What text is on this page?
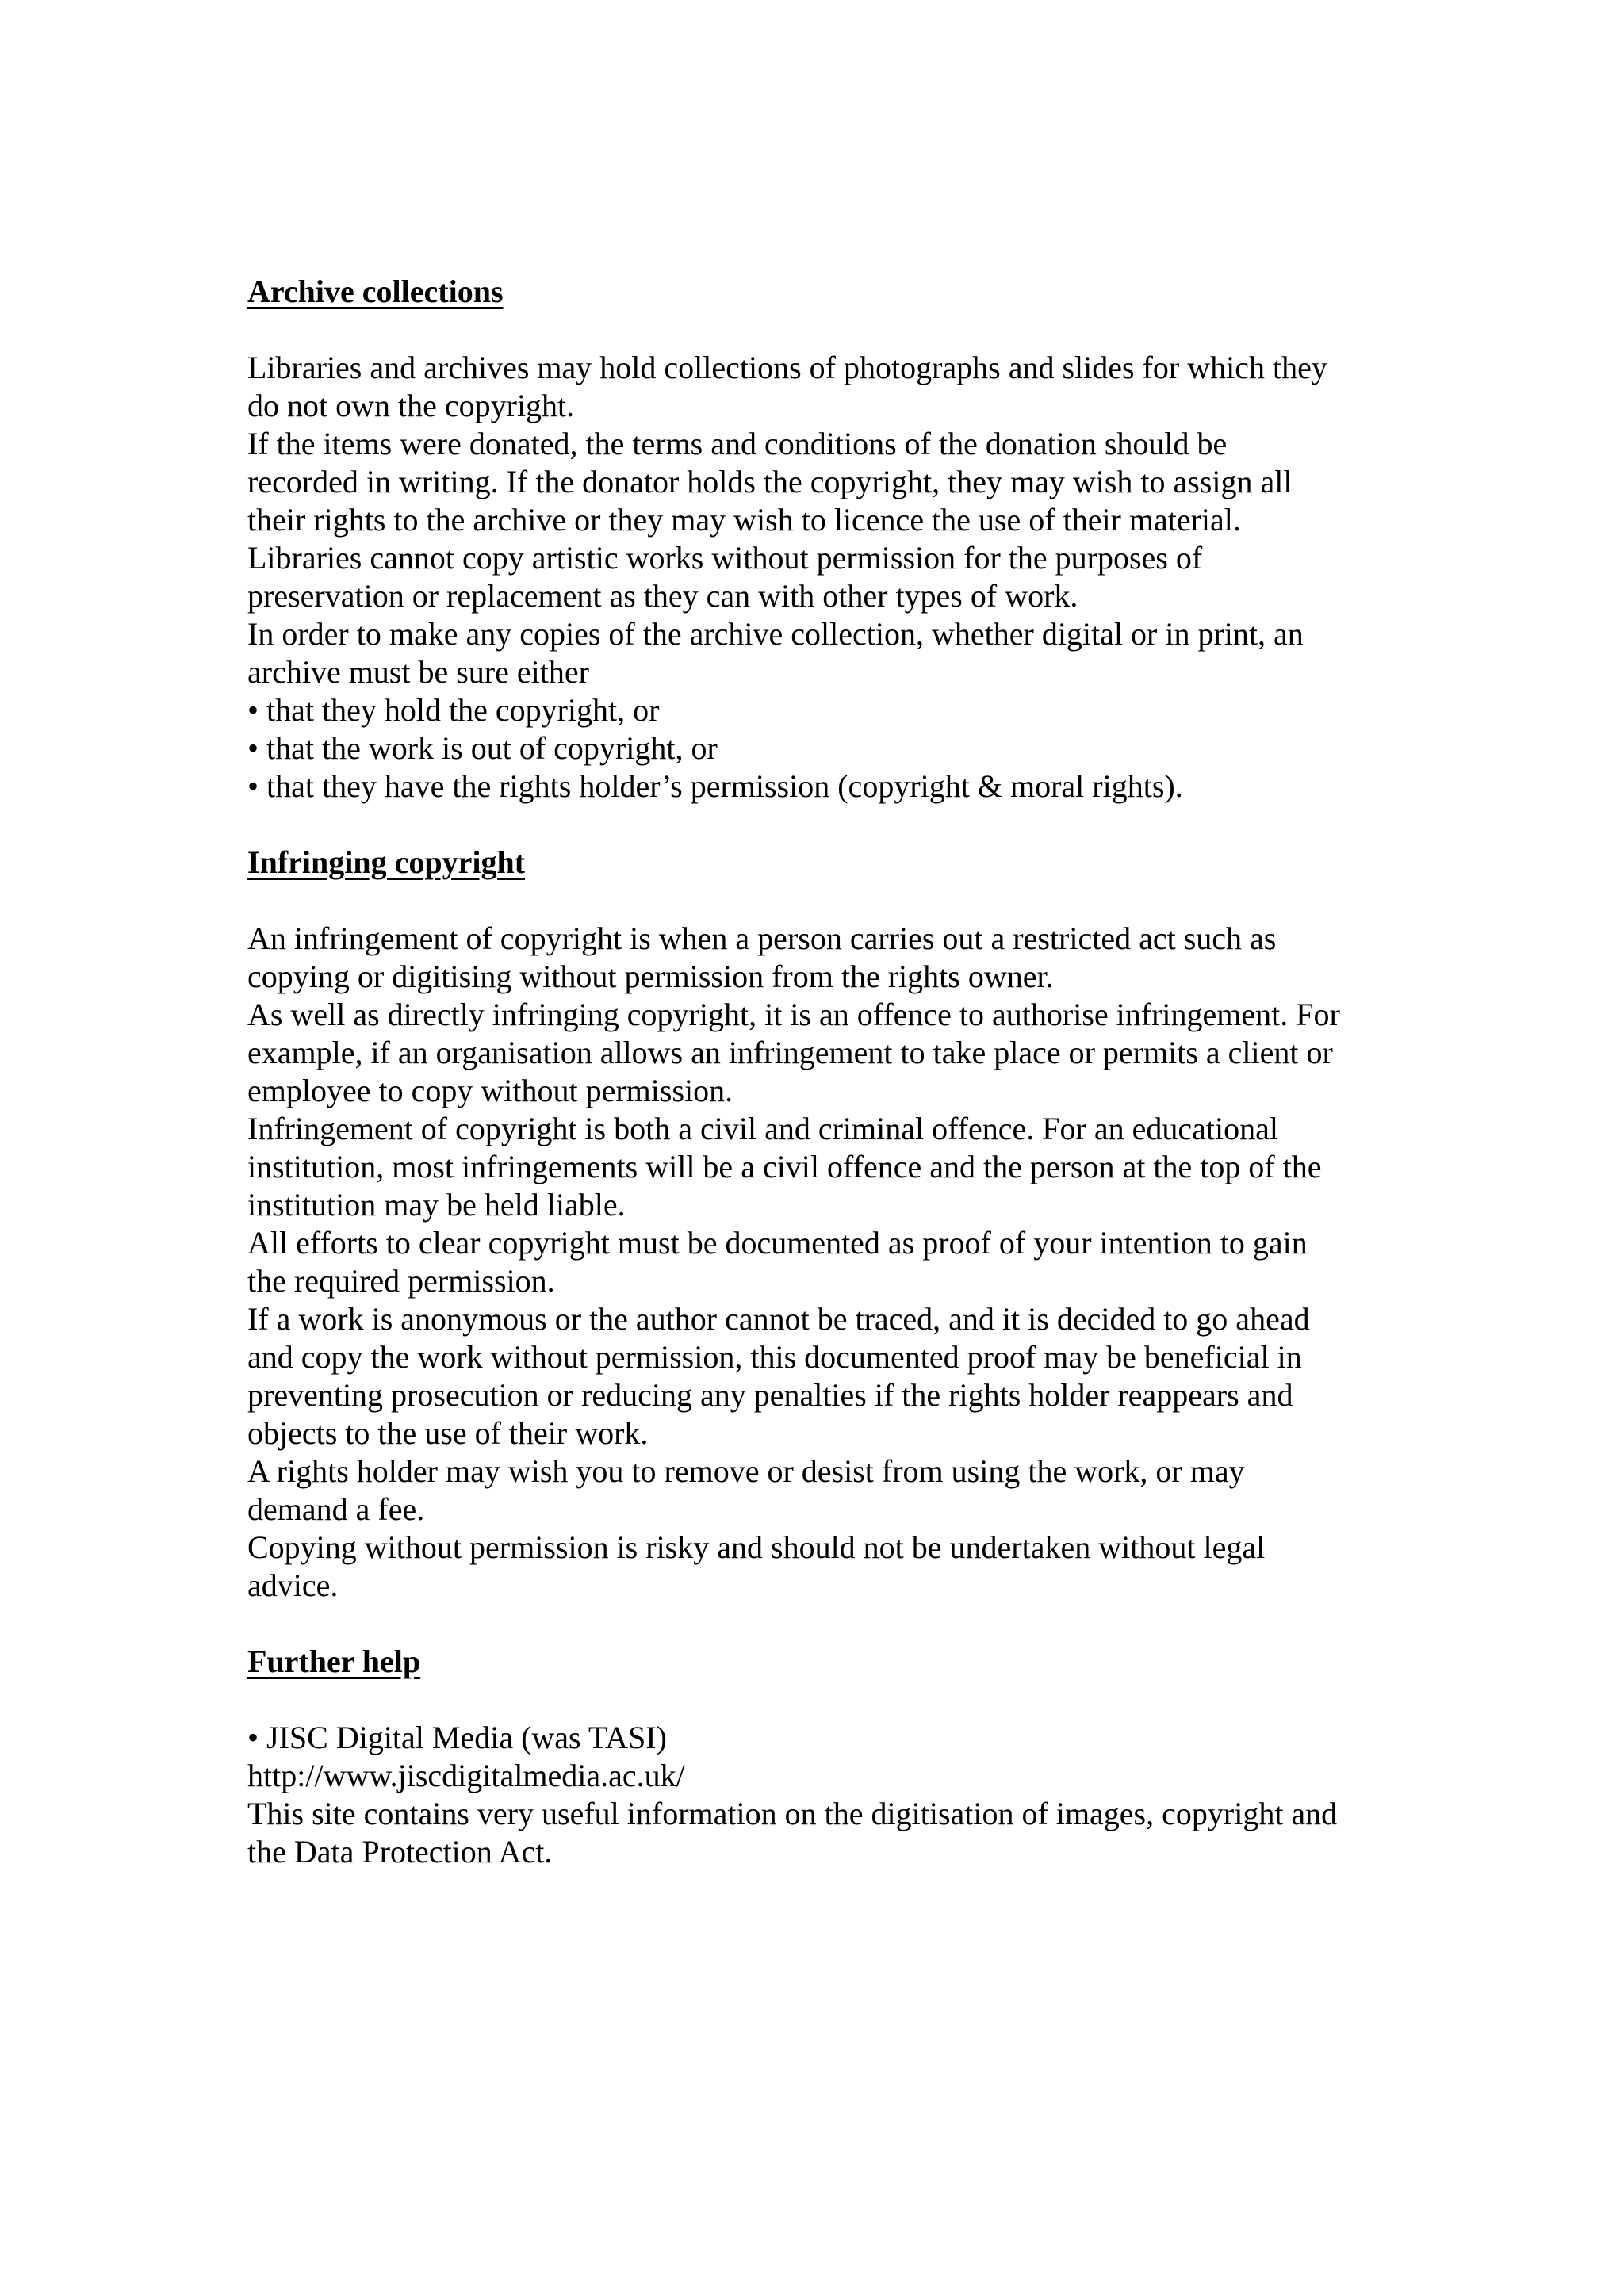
Archive collections

Libraries and archives may hold collections of photographs and slides for which they

do not own the copyright.

If the items were donated, the terms and conditions of the donation should be

recorded in writing. If the donator holds the copyright, they may wish to assign all

their rights to the archive or they may wish to licence the use of their material.

Libraries cannot copy artistic works without permission for the purposes of

preservation or replacement as they can with other types of work.

In order to make any copies of the archive collection, whether digital or in print, an

archive must be sure either

• that they hold the copyright, or

• that the work is out of copyright, or

• that they have the rights holder’s permission (copyright & moral rights).

Infringing copyright

An infringement of copyright is when a person carries out a restricted act such as

copying or digitising without permission from the rights owner.

As well as directly infringing copyright, it is an offence to authorise infringement. For

example, if an organisation allows an infringement to take place or permits a client or

employee to copy without permission.

Infringement of copyright is both a civil and criminal offence. For an educational

institution, most infringements will be a civil offence and the person at the top of the

institution may be held liable.

All efforts to clear copyright must be documented as proof of your intention to gain

the required permission.

If a work is anonymous or the author cannot be traced, and it is decided to go ahead

and copy the work without permission, this documented proof may be beneficial in

preventing prosecution or reducing any penalties if the rights holder reappears and

objects to the use of their work.

A rights holder may wish you to remove or desist from using the work, or may

demand a fee.

Copying without permission is risky and should not be undertaken without legal

advice.

Further help

• JISC Digital Media (was TASI)

http://www.jiscdigitalmedia.ac.uk/

This site contains very useful information on the digitisation of images, copyright and

the Data Protection Act.
